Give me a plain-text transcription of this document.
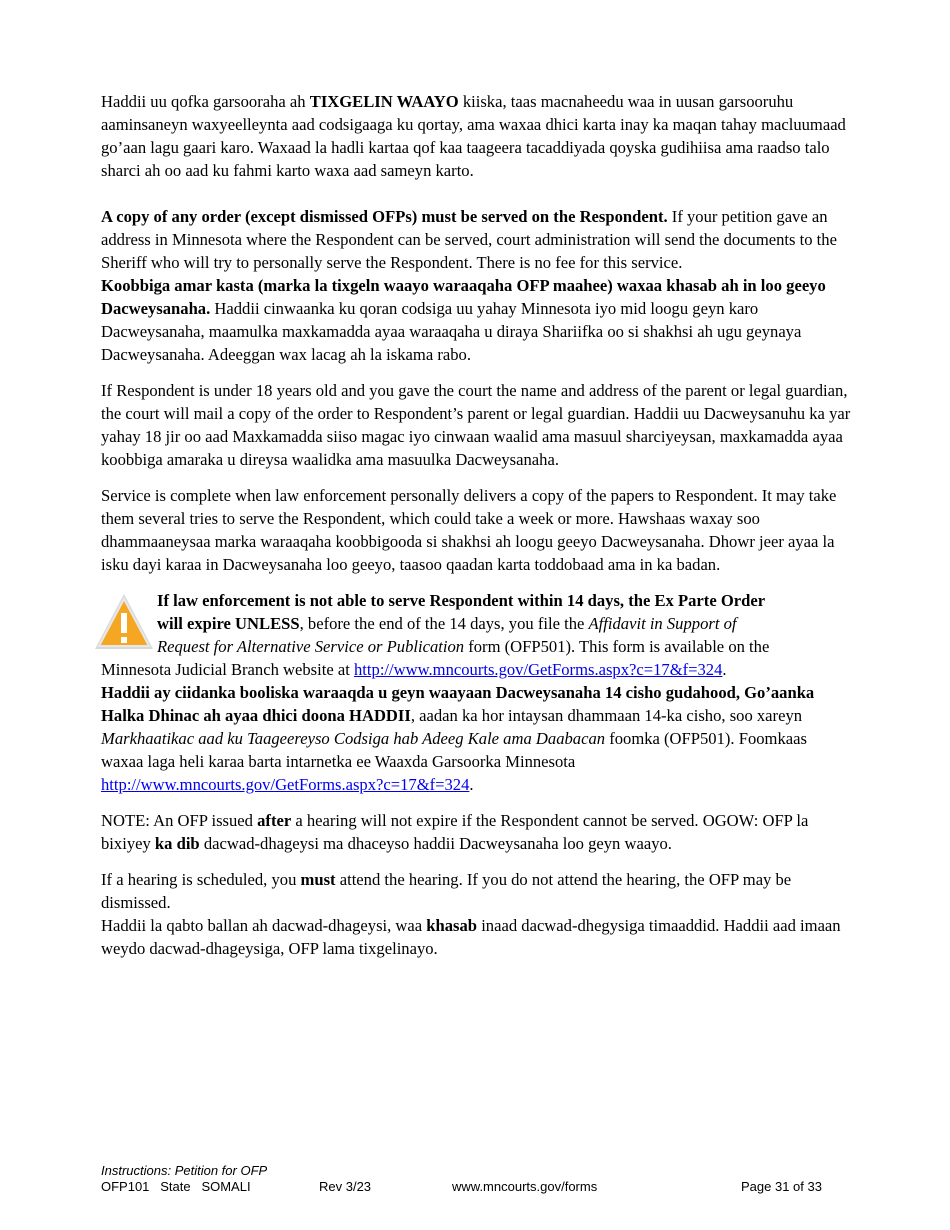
Haddii uu qofka garsooraha ah TIXGELIN WAAYO kiiska, taas macnaheedu waa in uusan garsooruhu aaminsaneyn waxyeelleynta aad codsigaaga ku qortay, ama waxaa dhici karta inay ka maqan tahay macluumaad go’aan lagu gaari karo. Waxaad la hadli kartaa qof kaa taageera tacaddiyada qoyska gudihiisa ama raadso talo sharci ah oo aad ku fahmi karto waxa aad sameyn karto.

A copy of any order (except dismissed OFPs) must be served on the Respondent. If your petition gave an address in Minnesota where the Respondent can be served, court administration will send the documents to the Sheriff who will try to personally serve the Respondent. There is no fee for this service.

Koobbiga amar kasta (marka la tixgeln waayo waraaqaha OFP maahee) waxaa khasab ah in loo geeyo Dacweysanaha. Haddii cinwaanka ku qoran codsiga uu yahay Minnesota iyo mid loogu geyn karo Dacweysanaha, maamulka maxkamadda ayaa waraaqaha u diraya Shariifka oo si shakhsi ah ugu geynaya Dacweysanaha. Adeeggan wax lacag ah la iskama rabo.

If Respondent is under 18 years old and you gave the court the name and address of the parent or legal guardian, the court will mail a copy of the order to Respondent’s parent or legal guardian. Haddii uu Dacweysanuhu ka yar yahay 18 jir oo aad Maxkamadda siiso magac iyo cinwaan waalid ama masuul sharciyeysan, maxkamadda ayaa koobbiga amaraka u direysa waalidka ama masuulka Dacweysanaha.

Service is complete when law enforcement personally delivers a copy of the papers to Respondent. It may take them several tries to serve the Respondent, which could take a week or more. Hawshaas waxay soo dhammaaneysaa marka waraaqaha koobbigooda si shakhsi ah loogu geeyo Dacweysanaha. Dhowr jeer ayaa la isku dayi karaa in Dacweysanaha loo geeyo, taasoo qaadan karta toddobaad ama in ka badan.

If law enforcement is not able to serve Respondent within 14 days, the Ex Parte Order

will expire UNLESS, before the end of the 14 days, you file the Affidavit in Support of

Request for Alternative Service or Publication form (OFP501). This form is available on the

Minnesota Judicial Branch website at http://www.mncourts.gov/GetForms.aspx?c=17&f=324.

Haddii ay ciidanka booliska waraaqda u geyn waayaan Dacweysanaha 14 cisho gudahood, Go’aanka Halka Dhinac ah ayaa dhici doona HADDII, aadan ka hor intaysan dhammaan 14-ka cisho, soo xareyn Markhaatikac aad ku Taageereyso Codsiga hab Adeeg Kale ama Daabacan foomka (OFP501). Foomkaas waxaa laga heli karaa barta intarnetka ee Waaxda Garsoorka Minnesota http://www.mncourts.gov/GetForms.aspx?c=17&f=324.

NOTE: An OFP issued after a hearing will not expire if the Respondent cannot be served. OGOW: OFP la bixiyey ka dib dacwad-dhageysi ma dhaceyso haddii Dacweysanaha loo geyn waayo.

If a hearing is scheduled, you must attend the hearing. If you do not attend the hearing, the OFP may be dismissed.

Haddii la qabto ballan ah dacwad-dhageysi, waa khasab inaad dacwad-dhegysiga timaaddid. Haddii aad imaan weydo dacwad-dhageysiga, OFP lama tixgelinayo.

Instructions: Petition for OFP
OFP101   State   SOMALI	Rev 3/23	www.mncourts.gov/forms	Page 31 of 33
